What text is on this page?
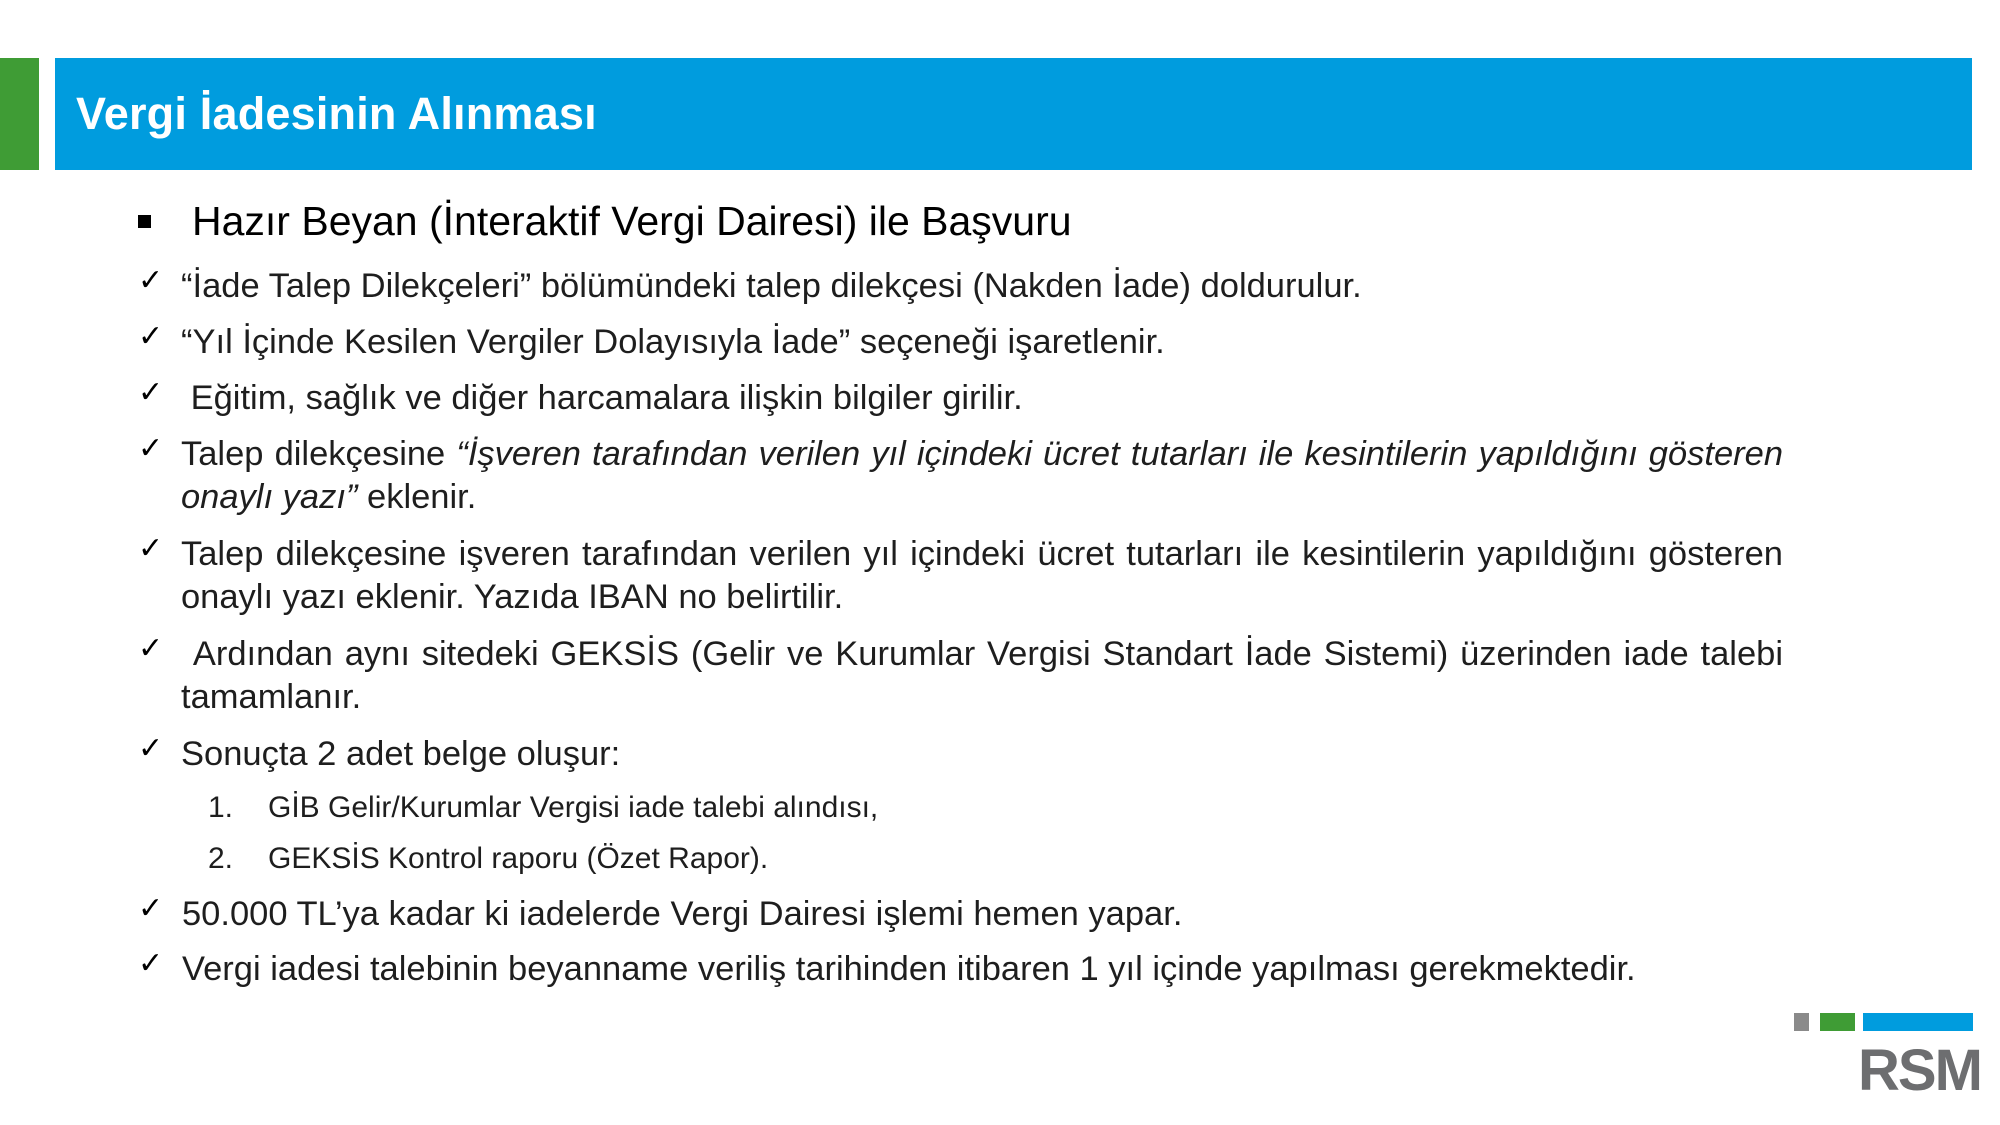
Vergi İadesinin Alınması
Hazır Beyan (İnteraktif Vergi Dairesi) ile Başvuru
✓ “İade Talep Dilekçeleri” bölümündeki talep dilekçesi (Nakden İade) doldurulur.
✓ “Yıl İçinde Kesilen Vergiler Dolayısıyla İade” seçeneği işaretlenir.
✓ Eğitim, sağlık ve diğer harcamalara ilişkin bilgiler girilir.
✓ Talep dilekçesine “İşveren tarafından verilen yıl içindeki ücret tutarları ile kesintilerin yapıldığını gösteren onaylı yazı” eklenir.
✓ Talep dilekçesine işveren tarafından verilen yıl içindeki ücret tutarları ile kesintilerin yapıldığını gösteren onaylı yazı eklenir. Yazıda IBAN no belirtilir.
✓ Ardından aynı sitedeki GEKSİS (Gelir ve Kurumlar Vergisi Standart İade Sistemi) üzerinden iade talebi tamamlanır.
✓ Sonuçta 2 adet belge oluşur:
1.	GİB Gelir/Kurumlar Vergisi iade talebi alındısı,
2.	GEKSİS Kontrol raporu (Özet Rapor).
✓ 50.000 TL’ya kadar ki iadelerde Vergi Dairesi işlemi hemen yapar.
✓ Vergi iadesi talebinin beyanname veriliş tarihinden itibaren 1 yıl içinde yapılması gerekmektedir.
RSM
